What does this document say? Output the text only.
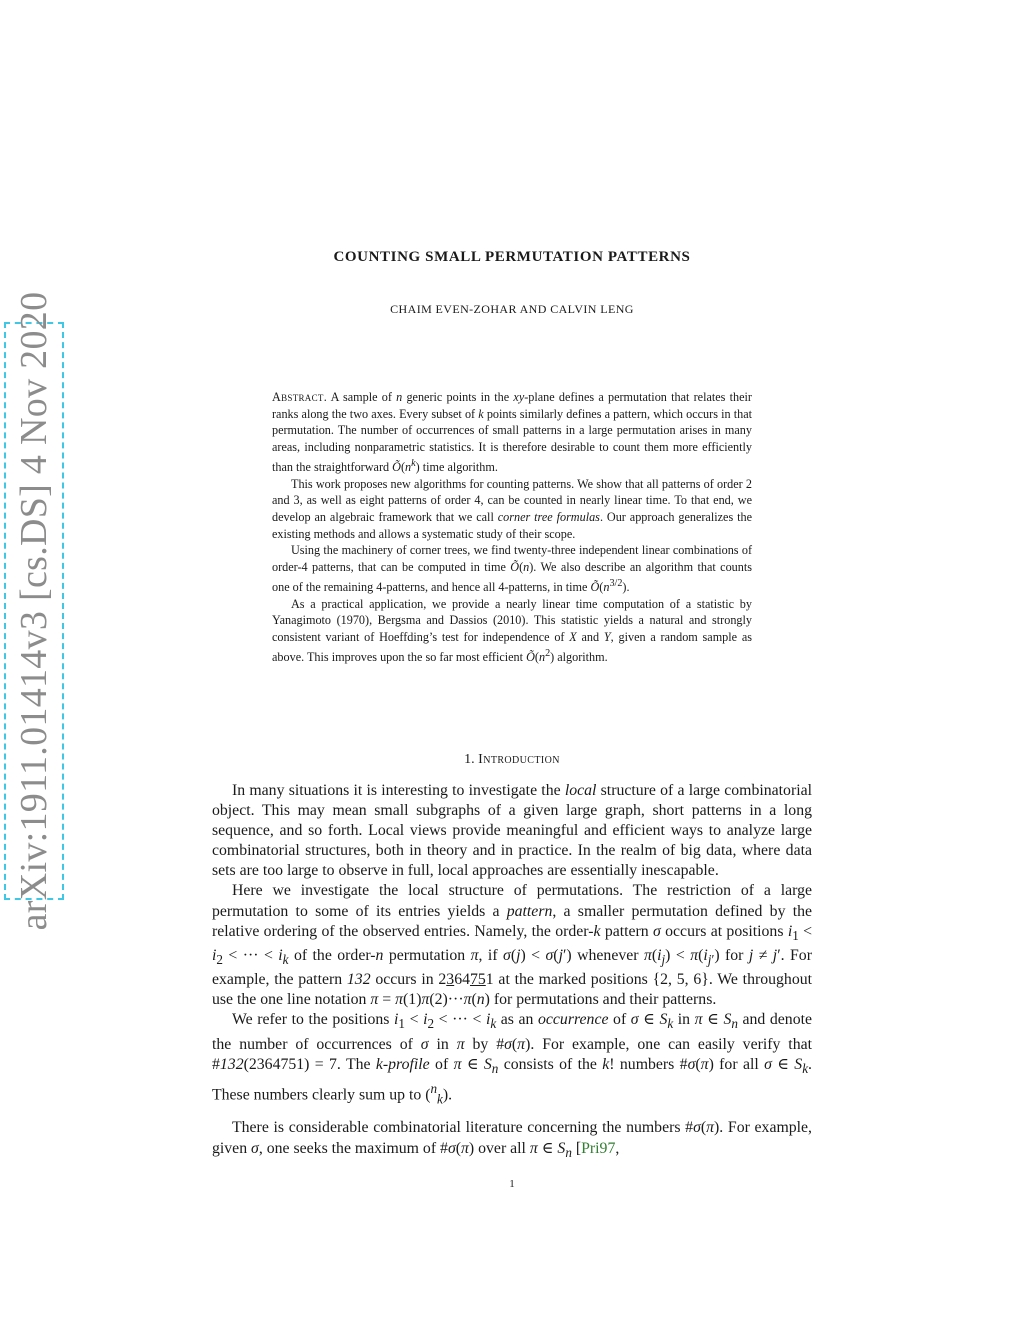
arXiv:1911.01414v3 [cs.DS] 4 Nov 2020
COUNTING SMALL PERMUTATION PATTERNS
CHAIM EVEN-ZOHAR AND CALVIN LENG

Abstract. A sample of n generic points in the xy-plane defines a permutation that relates their ranks along the two axes. Every subset of k points similarly defines a pattern, which occurs in that permutation. The number of occurrences of small patterns in a large permutation arises in many areas, including nonparametric statistics. It is therefore desirable to count them more efficiently than the straightforward $Õ(n^k)$ time algorithm.

This work proposes new algorithms for counting patterns. We show that all patterns of order 2 and 3, as well as eight patterns of order 4, can be counted in nearly linear time. To that end, we develop an algebraic framework that we call corner tree formulas. Our approach generalizes the existing methods and allows a systematic study of their scope.

Using the machinery of corner trees, we find twenty-three independent linear combinations of order-4 patterns, that can be computed in time Õ(n). We also describe an algorithm that counts one of the remaining 4-patterns, and hence all 4-patterns, in time $Õ(n^{3/2})$.

As a practical application, we provide a nearly linear time computation of a statistic by Yanagimoto (1970), Bergsma and Dassios (2010). This statistic yields a natural and strongly consistent variant of Hoeffding’s test for independence of X and Y, given a random sample as above. This improves upon the so far most efficient $Õ(n^2)$ algorithm.

1. Introduction

In many situations it is interesting to investigate the local structure of a large combinatorial object. This may mean small subgraphs of a given large graph, short patterns in a long sequence, and so forth. Local views provide meaningful and efficient ways to analyze large combinatorial structures, both in theory and in practice. In the realm of big data, where data sets are too large to observe in full, local approaches are essentially inescapable.

Here we investigate the local structure of permutations. The restriction of a large permutation to some of its entries yields a pattern, a smaller permutation defined by the relative ordering of the observed entries. Namely, the order-k pattern σ occurs at positions $i_1 < i_2$ < ··· < $i_k$ of the order-n permutation π, if σ(j) < σ(j′) whenever $\pi(i_j) < \pi(i_{j'})$ for j ≠ j′. For example, the pattern 132 occurs in 2364751 at the marked positions {2, 5, 6}. We throughout use the one line notation π = π(1)π(2)···π(n) for permutations and their patterns.

We refer to the positions $i_1 < i_2$ < ··· < $i_k$ as an occurrence of σ ∈ $S_k$ in π ∈ $S_n$ and denote the number of occurrences of σ in π by #σ(π). For example, one can easily verify that #132(2364751) = 7. The k-profile of π ∈ $S_n$ consists of the k! numbers #σ(π) for all σ ∈ $S_k$. These numbers clearly sum up to ($^n_k$).

There is considerable combinatorial literature concerning the numbers #σ(π). For example, given σ, one seeks the maximum of #σ(π) over all π ∈ $S_n$ [Pri97,

1
